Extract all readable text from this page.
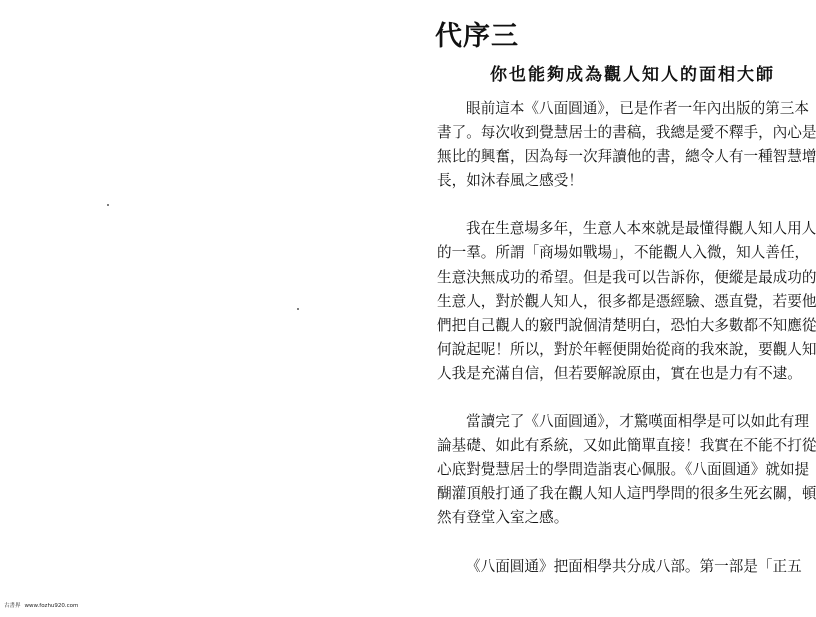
代序三
你也能夠成為觀人知人的面相大師

眼前這本《八面圓通》，已是作者一年內出版的第三本
書了。每次收到覺慧居士的書稿，我總是愛不釋手，內心是
無比的興奮，因為每一次拜讀他的書，總令人有一種智慧增
長，如沐春風之感受！

我在生意場多年，生意人本來就是最懂得觀人知人用人
的一羣。所謂「商場如戰場」，不能觀人入微，知人善任，
生意決無成功的希望。但是我可以告訴你，便縱是最成功的
生意人，對於觀人知人，很多都是憑經驗、憑直覺，若要他
們把自己觀人的竅門說個清楚明白，恐怕大多數都不知應從
何說起呢！所以，對於年輕便開始從商的我來說，要觀人知
人我是充滿自信，但若要解說原由，實在也是力有不逮。

當讀完了《八面圓通》，才驚嘆面相學是可以如此有理
論基礎、如此有系統，又如此簡單直接！我實在不能不打從
心底對覺慧居士的學問造詣衷心佩服。《八面圓通》就如提
醐灌頂般打通了我在觀人知人這門學問的很多生死玄關，頓
然有登堂入室之感。

《八面圓通》把面相學共分成八部。第一部是「正五

古書界 www.fozhu920.com
